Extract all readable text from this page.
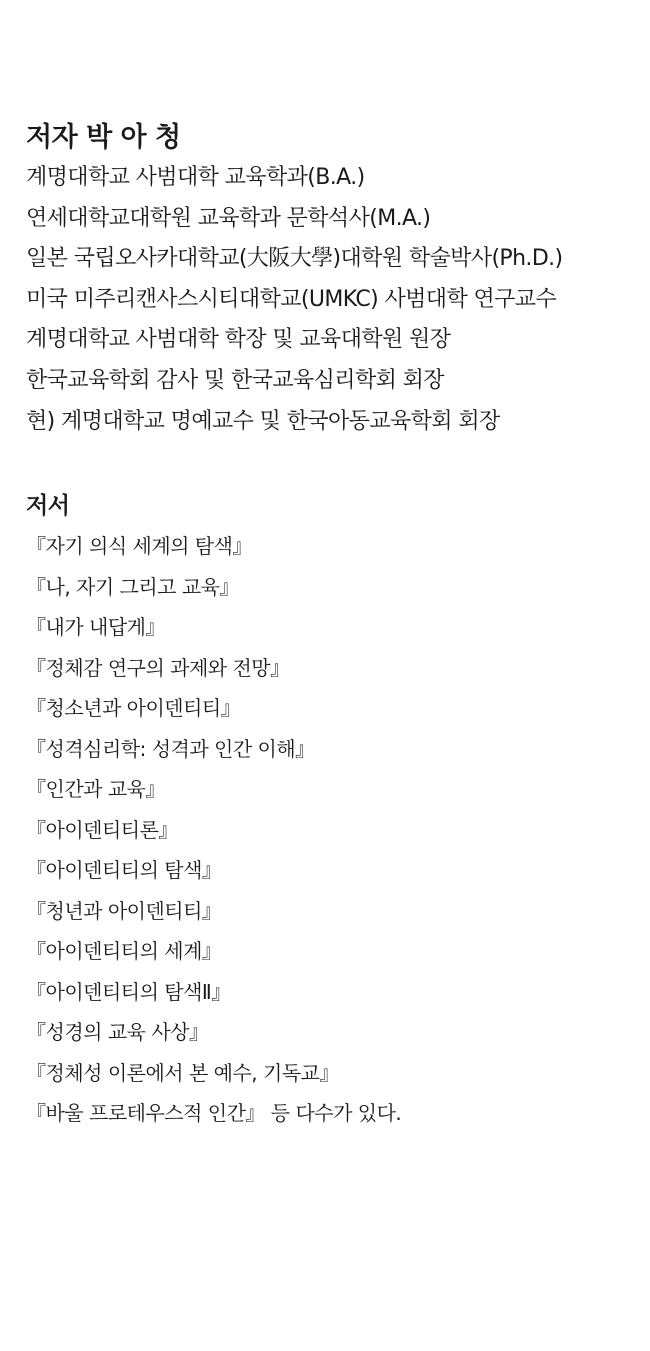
저자 박 아 청
계명대학교 사범대학 교육학과(B.A.)
연세대학교대학원 교육학과 문학석사(M.A.)
일본 국립오사카대학교(大阪大學)대학원 학술박사(Ph.D.)
미국 미주리캔사스시티대학교(UMKC) 사범대학 연구교수
계명대학교 사범대학 학장 및 교육대학원 원장
한국교육학회 감사 및 한국교육심리학회 회장
현) 계명대학교 명예교수 및 한국아동교육학회 회장
저서
『자기 의식 세계의 탐색』
『나, 자기 그리고 교육』
『내가 내답게』
『정체감 연구의 과제와 전망』
『청소년과 아이덴티티』
『성격심리학: 성격과 인간 이해』
『인간과 교육』
『아이덴티티론』
『아이덴티티의 탐색』
『청년과 아이덴티티』
『아이덴티티의 세계』
『아이덴티티의 탐색Ⅱ』
『성경의 교육 사상』
『정체성 이론에서 본 예수, 기독교』
『바울 프로테우스적 인간』 등 다수가 있다.
